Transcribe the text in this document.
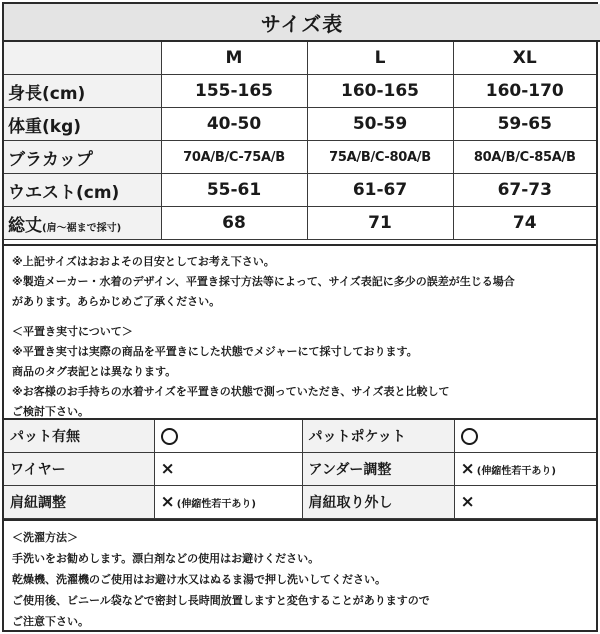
サイズ表
	M	L	XL
身長(cm)	155-165	160-165	160-170
体重(kg)	40-50	50-59	59-65
ブラカップ	70A/B/C-75A/B	75A/B/C-80A/B	80A/B/C-85A/B
ウエスト(cm)	55-61	61-67	67-73
総丈(肩～裾まで採寸)	68	71	74

※上記サイズはおおよその目安としてお考え下さい。

※製造メーカー・水着のデザイン、平置き採寸方法等によって、サイズ表記に多少の誤差が生じる場合

があります。あらかじめご了承ください。

＜平置き実寸について＞

※平置き実寸は実際の商品を平置きにした状態でメジャーにて採寸しております。

商品のタグ表記とは異なります。

※お客様のお手持ちの水着サイズを平置きの状態で測っていただき、サイズ表と比較して

ご検討下さい。

パット有無		パットポケット	
ワイヤー	×	アンダー調整	× (伸縮性若干あり)
肩紐調整	× (伸縮性若干あり)	肩紐取り外し	×

＜洗濯方法＞

手洗いをお勧めします。漂白剤などの使用はお避けください。

乾燥機、洗濯機のご使用はお避け水又はぬるま湯で押し洗いしてください。

ご使用後、ビニール袋などで密封し長時間放置しますと変色することがありますので

ご注意下さい。
